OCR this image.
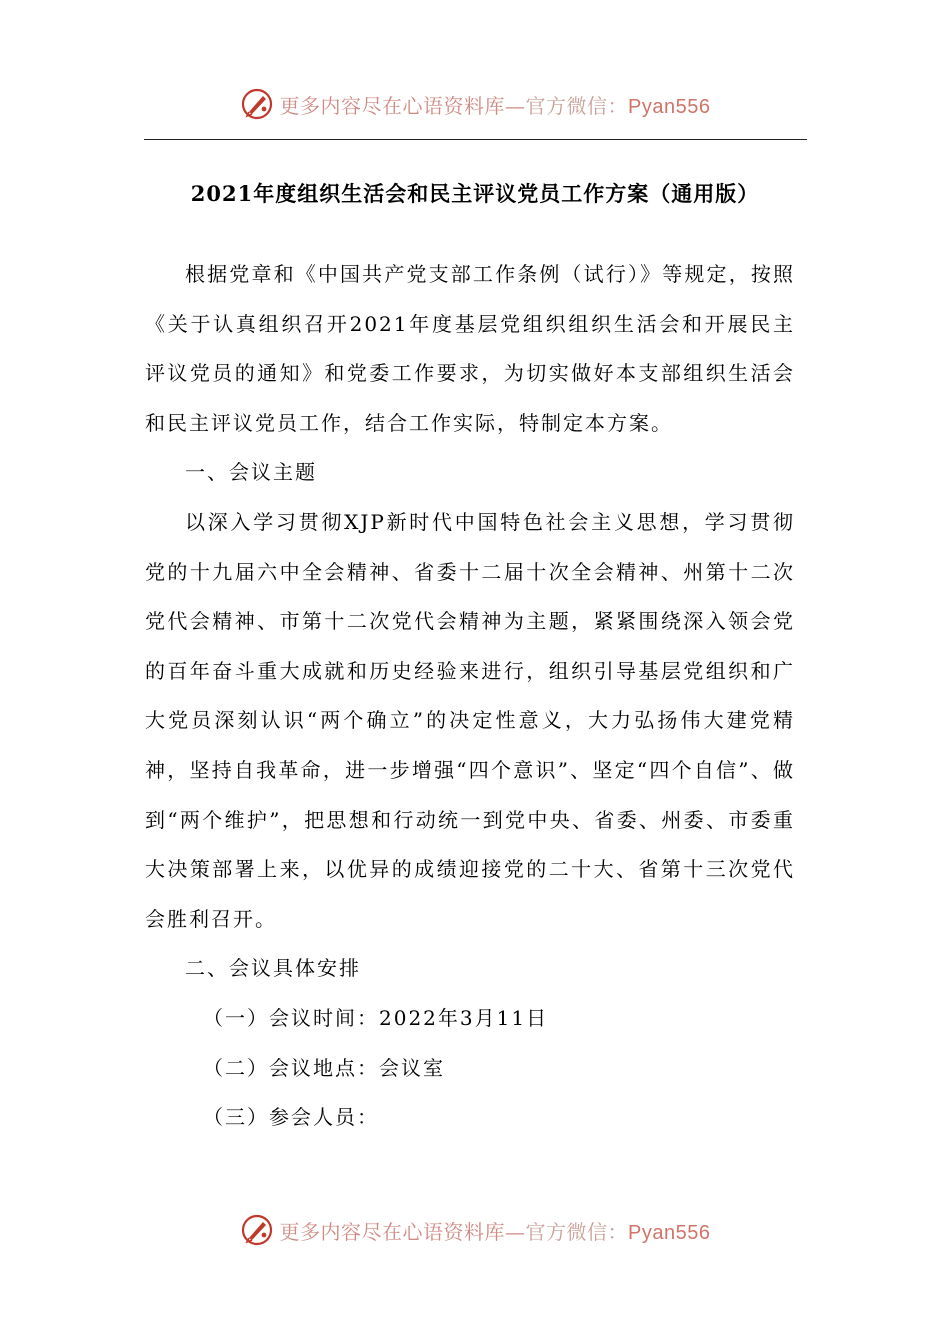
更多内容尽在心语资料库—官方微信：Pyan556
2021年度组织生活会和民主评议党员工作方案（通用版）

根据党章和《中国共产党支部工作条例（试行）》等规定，按照《关于认真组织召开2021年度基层党组织组织生活会和开展民主评议党员的通知》和党委工作要求，为切实做好本支部组织生活会和民主评议党员工作，结合工作实际，特制定本方案。

一、会议主题

以深入学习贯彻XJP新时代中国特色社会主义思想，学习贯彻党的十九届六中全会精神、省委十二届十次全会精神、州第十二次党代会精神、市第十二次党代会精神为主题，紧紧围绕深入领会党的百年奋斗重大成就和历史经验来进行，组织引导基层党组织和广大党员深刻认识“两个确立”的决定性意义，大力弘扬伟大建党精神，坚持自我革命，进一步增强“四个意识”、坚定“四个自信”、做到“两个维护”，把思想和行动统一到党中央、省委、州委、市委重大决策部署上来，以优异的成绩迎接党的二十大、省第十三次党代会胜利召开。

二、会议具体安排

（一）会议时间：2022年3月11日

（二）会议地点：会议室

（三）参会人员：

更多内容尽在心语资料库—官方微信：Pyan556
